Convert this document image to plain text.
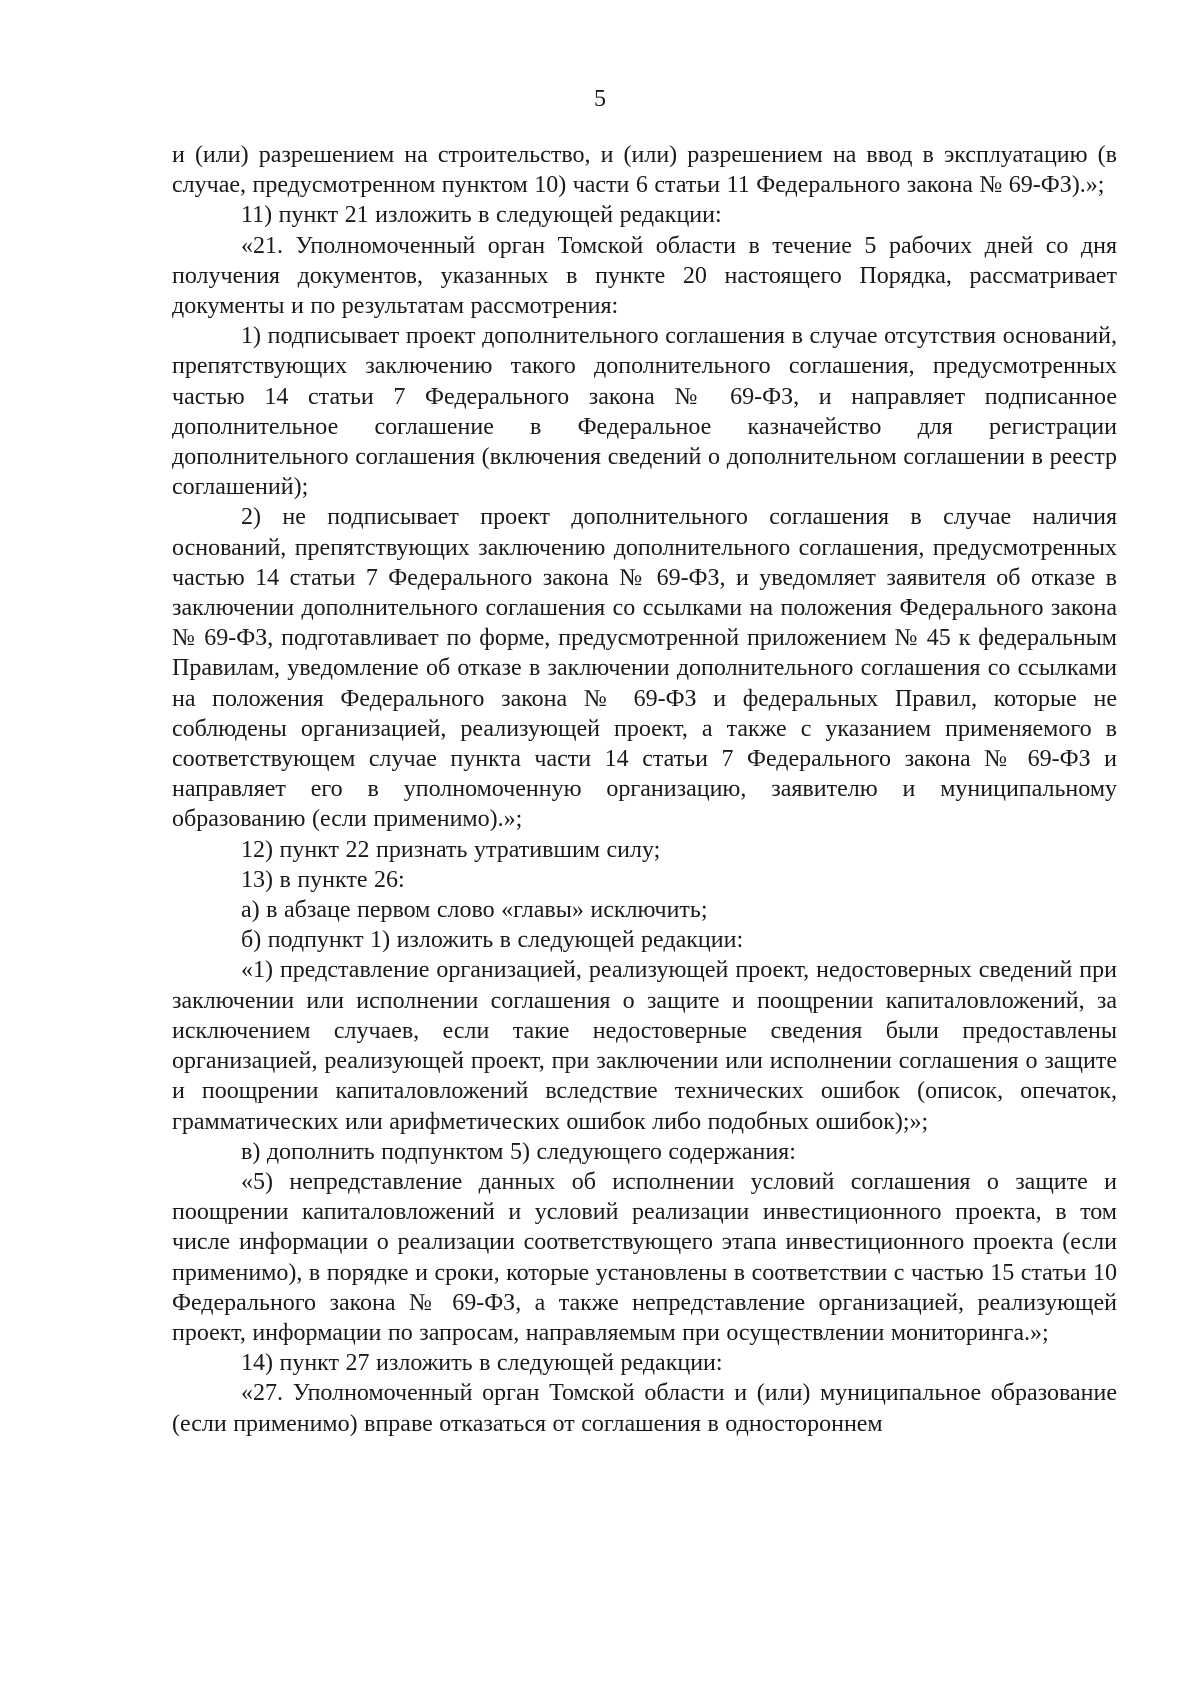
5

и (или) разрешением на строительство, и (или) разрешением на ввод в эксплуатацию (в случае, предусмотренном пунктом 10) части 6 статьи 11 Федерального закона № 69-ФЗ).»;

11) пункт 21 изложить в следующей редакции:

«21. Уполномоченный орган Томской области в течение 5 рабочих дней со дня получения документов, указанных в пункте 20 настоящего Порядка, рассматривает документы и по результатам рассмотрения:

1) подписывает проект дополнительного соглашения в случае отсутствия оснований, препятствующих заключению такого дополнительного соглашения, предусмотренных частью 14 статьи 7 Федерального закона № 69-ФЗ, и направляет подписанное дополнительное соглашение в Федеральное казначейство для регистрации дополнительного соглашения (включения сведений о дополнительном соглашении в реестр соглашений);

2) не подписывает проект дополнительного соглашения в случае наличия оснований, препятствующих заключению дополнительного соглашения, предусмотренных частью 14 статьи 7 Федерального закона № 69-ФЗ, и уведомляет заявителя об отказе в заключении дополнительного соглашения со ссылками на положения Федерального закона № 69-ФЗ, подготавливает по форме, предусмотренной приложением № 45 к федеральным Правилам, уведомление об отказе в заключении дополнительного соглашения со ссылками на положения Федерального закона № 69-ФЗ и федеральных Правил, которые не соблюдены организацией, реализующей проект, а также с указанием применяемого в соответствующем случае пункта части 14 статьи 7 Федерального закона № 69-ФЗ и направляет его в уполномоченную организацию, заявителю и муниципальному образованию (если применимо).»;

12) пункт 22 признать утратившим силу;

13) в пункте 26:

а) в абзаце первом слово «главы» исключить;

б) подпункт 1) изложить в следующей редакции:

«1) представление организацией, реализующей проект, недостоверных сведений при заключении или исполнении соглашения о защите и поощрении капиталовложений, за исключением случаев, если такие недостоверные сведения были предоставлены организацией, реализующей проект, при заключении или исполнении соглашения о защите и поощрении капиталовложений вследствие технических ошибок (описок, опечаток, грамматических или арифметических ошибок либо подобных ошибок);»;

в) дополнить подпунктом 5) следующего содержания:

«5) непредставление данных об исполнении условий соглашения о защите и поощрении капиталовложений и условий реализации инвестиционного проекта, в том числе информации о реализации соответствующего этапа инвестиционного проекта (если применимо), в порядке и сроки, которые установлены в соответствии с частью 15 статьи 10 Федерального закона № 69-ФЗ, а также непредставление организацией, реализующей проект, информации по запросам, направляемым при осуществлении мониторинга.»;

14) пункт 27 изложить в следующей редакции:

«27. Уполномоченный орган Томской области и (или) муниципальное образование (если применимо) вправе отказаться от соглашения в одностороннем
